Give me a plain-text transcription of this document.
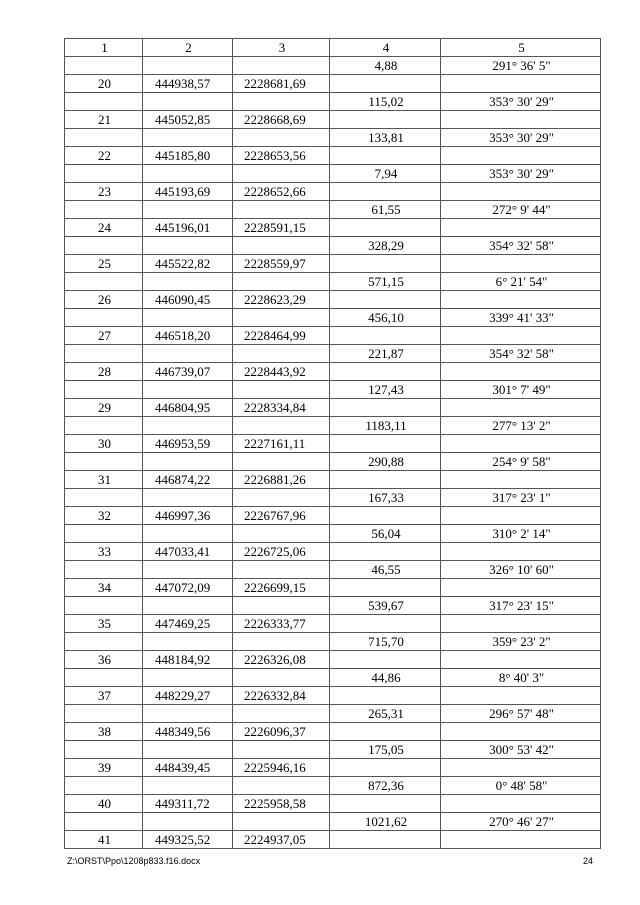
1	2	3	4	5
			4,88	291° 36' 5"
20	444938,57	2228681,69		
			115,02	353° 30' 29"
21	445052,85	2228668,69		
			133,81	353° 30' 29"
22	445185,80	2228653,56		
			7,94	353° 30' 29"
23	445193,69	2228652,66		
			61,55	272° 9' 44"
24	445196,01	2228591,15		
			328,29	354° 32' 58"
25	445522,82	2228559,97		
			571,15	6° 21' 54"
26	446090,45	2228623,29		
			456,10	339° 41' 33"
27	446518,20	2228464,99		
			221,87	354° 32' 58"
28	446739,07	2228443,92		
			127,43	301° 7' 49"
29	446804,95	2228334,84		
			1183,11	277° 13' 2"
30	446953,59	2227161,11		
			290,88	254° 9' 58"
31	446874,22	2226881,26		
			167,33	317° 23' 1"
32	446997,36	2226767,96		
			56,04	310° 2' 14"
33	447033,41	2226725,06		
			46,55	326° 10' 60"
34	447072,09	2226699,15		
			539,67	317° 23' 15"
35	447469,25	2226333,77		
			715,70	359° 23' 2"
36	448184,92	2226326,08		
			44,86	8° 40' 3"
37	448229,27	2226332,84		
			265,31	296° 57' 48"
38	448349,56	2226096,37		
			175,05	300° 53' 42"
39	448439,45	2225946,16		
			872,36	0° 48' 58"
40	449311,72	2225958,58		
			1021,62	270° 46' 27"
41	449325,52	2224937,05		
Z:\ORST\Ppo\1208p833.f16.docx	24
